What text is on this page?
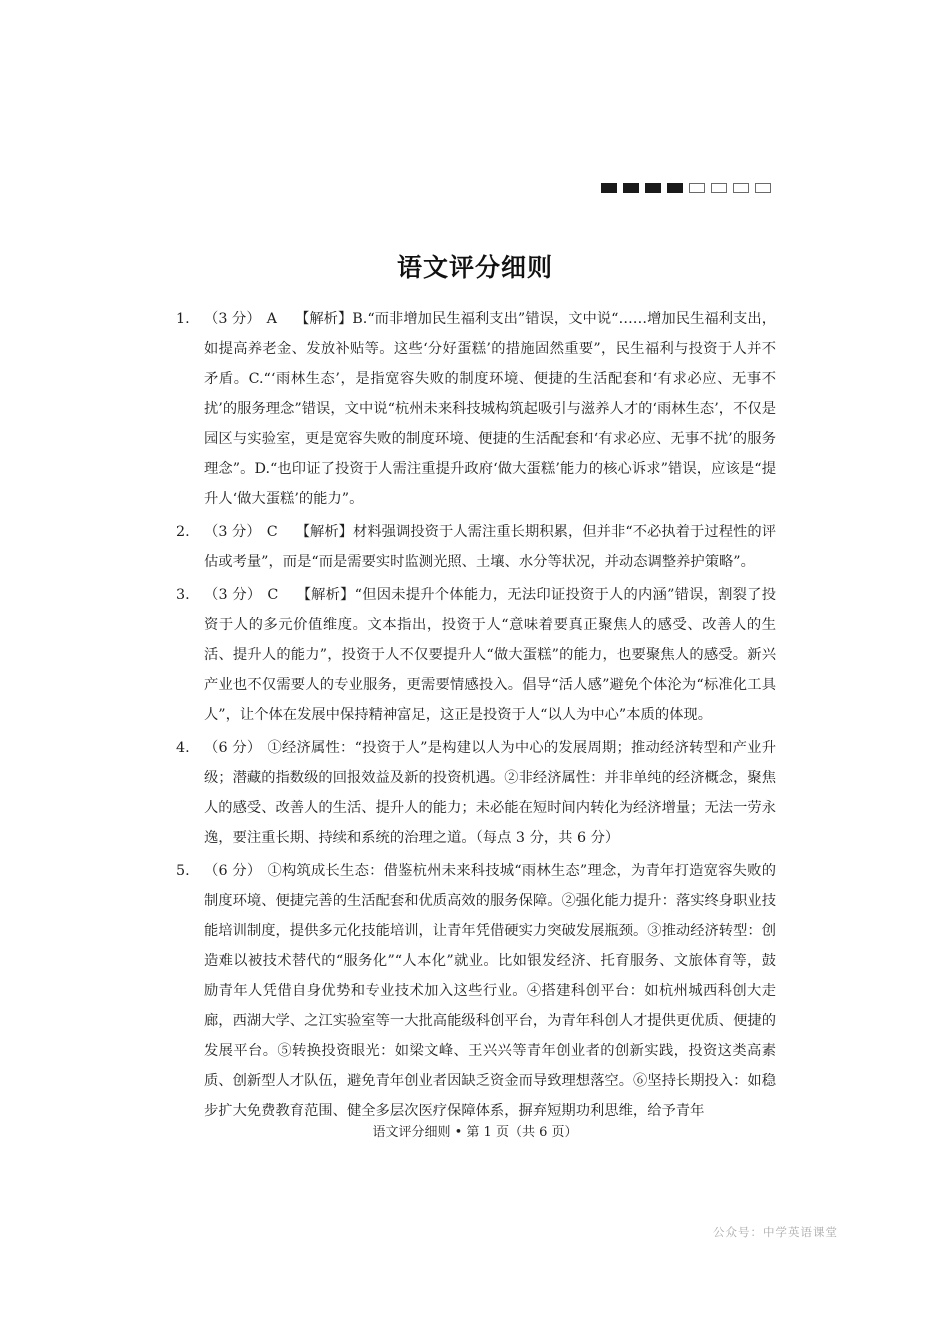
语文评分细则
1.	（3 分） A 【解析】B.“而非增加民生福利支出”错误，文中说“……增加民生福利支出，如提高养老金、发放补贴等。这些‘分好蛋糕’的措施固然重要”，民生福利与投资于人并不矛盾。C.“‘雨林生态’，是指宽容失败的制度环境、便捷的生活配套和‘有求必应、无事不扰’的服务理念”错误，文中说“杭州未来科技城构筑起吸引与滋养人才的‘雨林生态’，不仅是园区与实验室，更是宽容失败的制度环境、便捷的生活配套和‘有求必应、无事不扰’的服务理念”。D.“也印证了投资于人需注重提升政府‘做大蛋糕’能力的核心诉求”错误，应该是“提升人‘做大蛋糕’的能力”。
2.	（3 分） C 【解析】材料强调投资于人需注重长期积累，但并非“不必执着于过程性的评估或考量”，而是“而是需要实时监测光照、土壤、水分等状况，并动态调整养护策略”。
3.	（3 分） C 【解析】“但因未提升个体能力，无法印证投资于人的内涵”错误，割裂了投资于人的多元价值维度。文本指出，投资于人“意味着要真正聚焦人的感受、改善人的生活、提升人的能力”，投资于人不仅要提升人“做大蛋糕”的能力，也要聚焦人的感受。新兴产业也不仅需要人的专业服务，更需要情感投入。倡导“活人感”避免个体沦为“标准化工具人”，让个体在发展中保持精神富足，这正是投资于人“以人为中心”本质的体现。
4.	（6 分） ①经济属性：“投资于人”是构建以人为中心的发展周期；推动经济转型和产业升级；潜藏的指数级的回报效益及新的投资机遇。②非经济属性：并非单纯的经济概念，聚焦人的感受、改善人的生活、提升人的能力；未必能在短时间内转化为经济增量；无法一劳永逸，要注重长期、持续和系统的治理之道。（每点 3 分，共 6 分）
5.	（6 分） ①构筑成长生态：借鉴杭州未来科技城“雨林生态”理念，为青年打造宽容失败的制度环境、便捷完善的生活配套和优质高效的服务保障。②强化能力提升：落实终身职业技能培训制度，提供多元化技能培训，让青年凭借硬实力突破发展瓶颈。③推动经济转型：创造难以被技术替代的“服务化”“人本化”就业。比如银发经济、托育服务、文旅体育等，鼓励青年人凭借自身优势和专业技术加入这些行业。④搭建科创平台：如杭州城西科创大走廊，西湖大学、之江实验室等一大批高能级科创平台，为青年科创人才提供更优质、便捷的发展平台。⑤转换投资眼光：如梁文峰、王兴兴等青年创业者的创新实践，投资这类高素质、创新型人才队伍，避免青年创业者因缺乏资金而导致理想落空。⑥坚持长期投入：如稳步扩大免费教育范围、健全多层次医疗保障体系，摒弃短期功利思维，给予青年
语文评分细则 • 第 1 页（共 6 页）
公众号：中学英语课堂
